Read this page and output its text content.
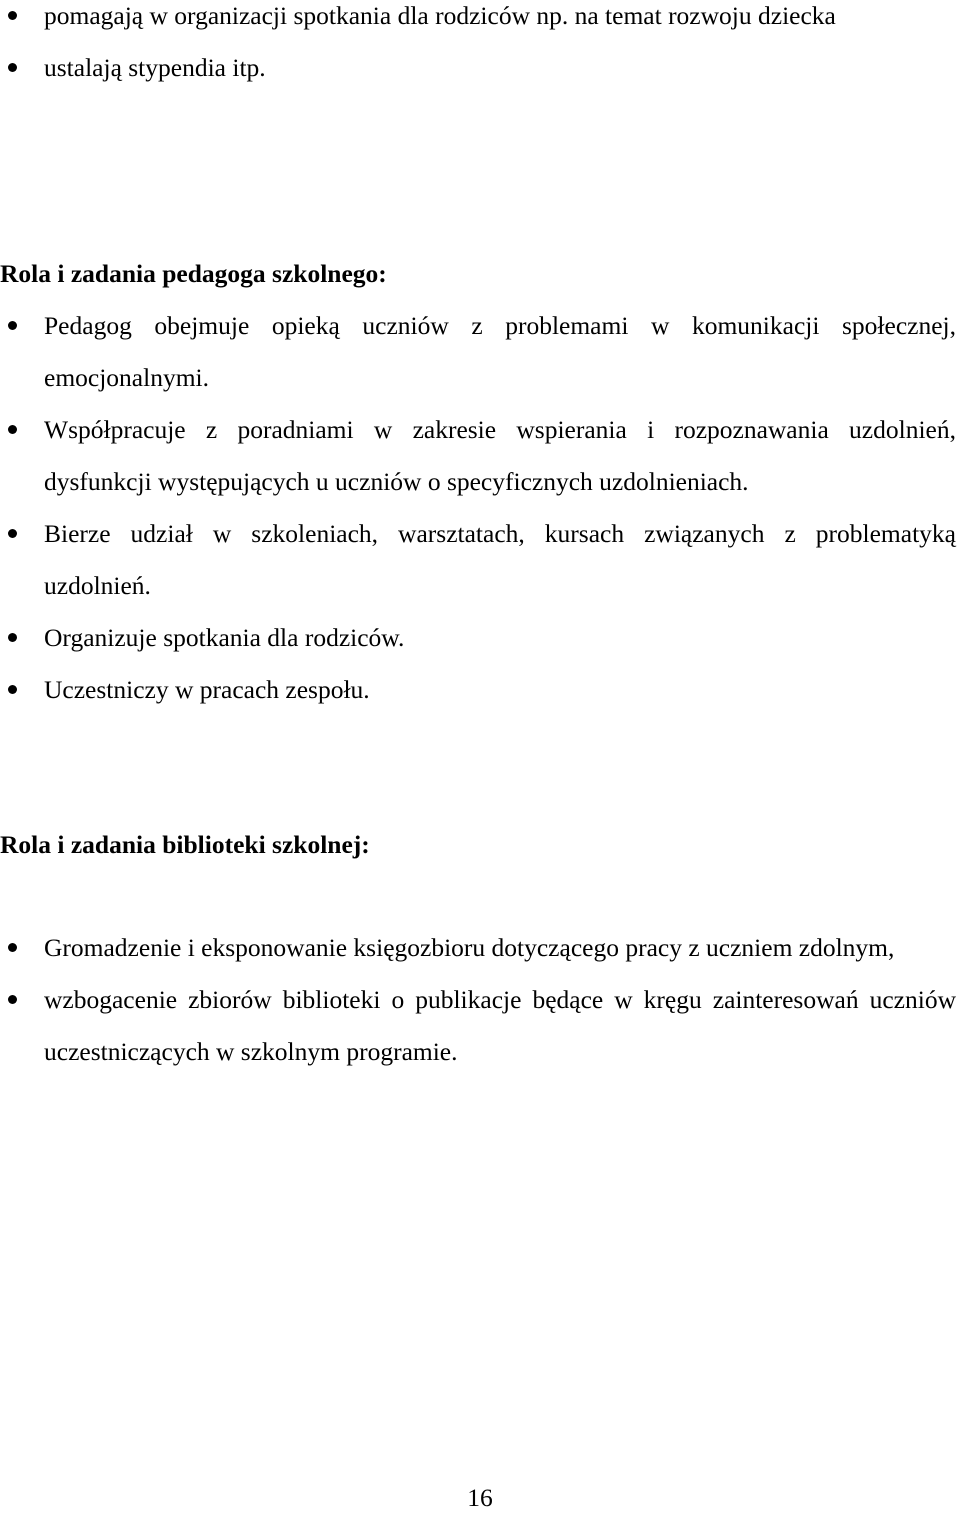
pomagają w organizacji spotkania dla rodziców np. na temat rozwoju dziecka
ustalają stypendia itp.
Rola i zadania pedagoga szkolnego:
Pedagog obejmuje opieką uczniów z problemami w komunikacji społecznej, emocjonalnymi.
Współpracuje z poradniami w zakresie wspierania i rozpoznawania uzdolnień, dysfunkcji występujących u uczniów o specyficznych uzdolnieniach.
Bierze udział w szkoleniach, warsztatach, kursach związanych z problematyką uzdolnień.
Organizuje spotkania dla rodziców.
Uczestniczy w pracach zespołu.
Rola i zadania biblioteki szkolnej:
Gromadzenie i eksponowanie księgozbioru dotyczącego pracy z uczniem zdolnym,
wzbogacenie zbiorów biblioteki o publikacje będące w kręgu zainteresowań uczniów uczestniczących w szkolnym programie.
16
